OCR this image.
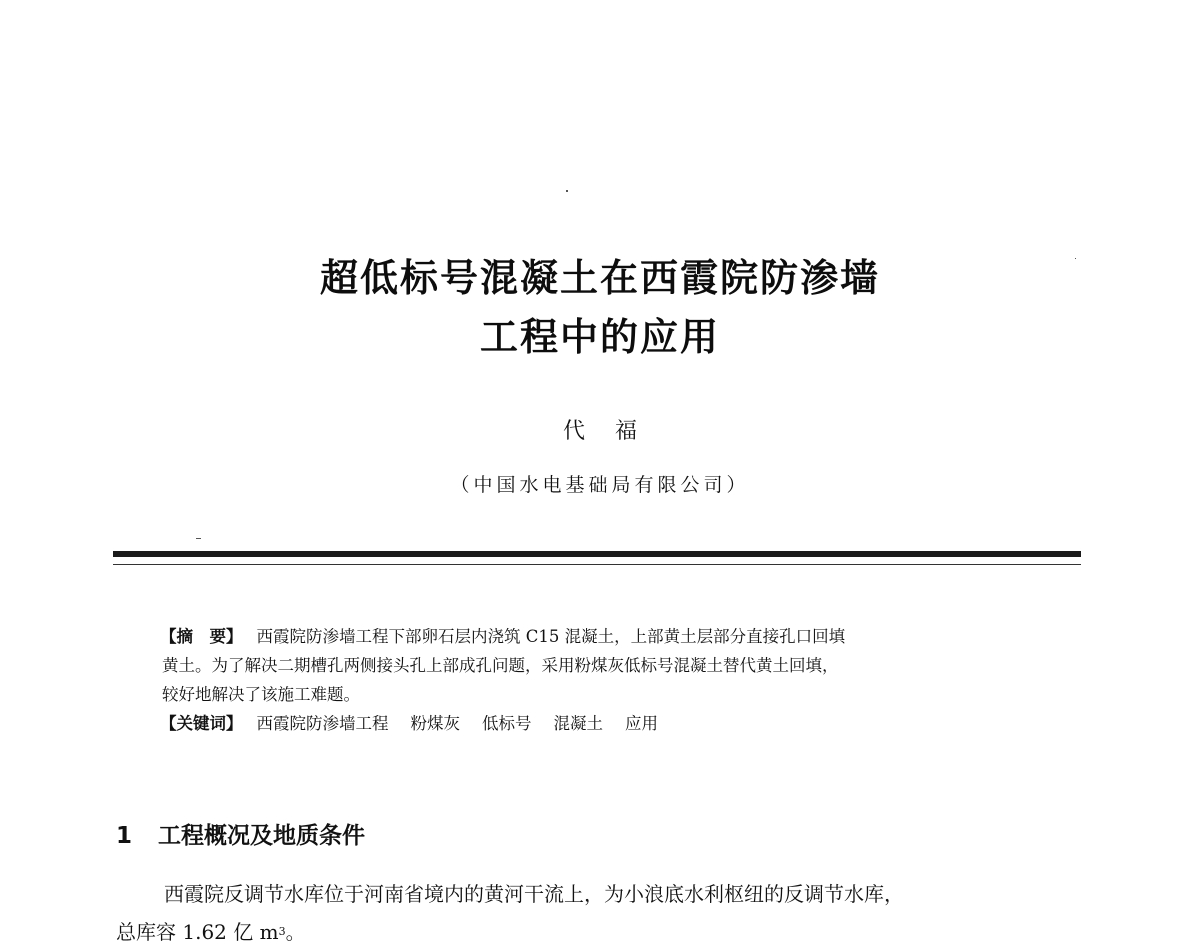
超低标号混凝土在西霞院防渗墙
工程中的应用
代福
（中国水电基础局有限公司）
【摘　要】 西霞院防渗墙工程下部卵石层内浇筑 C15 混凝土，上部黄土层部分直接孔口回填
黄土。为了解决二期槽孔两侧接头孔上部成孔问题，采用粉煤灰低标号混凝土替代黄土回填，
较好地解决了该施工难题。
【关键词】 西霞院防渗墙工程 粉煤灰 低标号 混凝土 应用
1 工程概况及地质条件
西霞院反调节水库位于河南省境内的黄河干流上，为小浪底水利枢纽的反调节水库，
总库容 1.62 亿 $m^3$。
